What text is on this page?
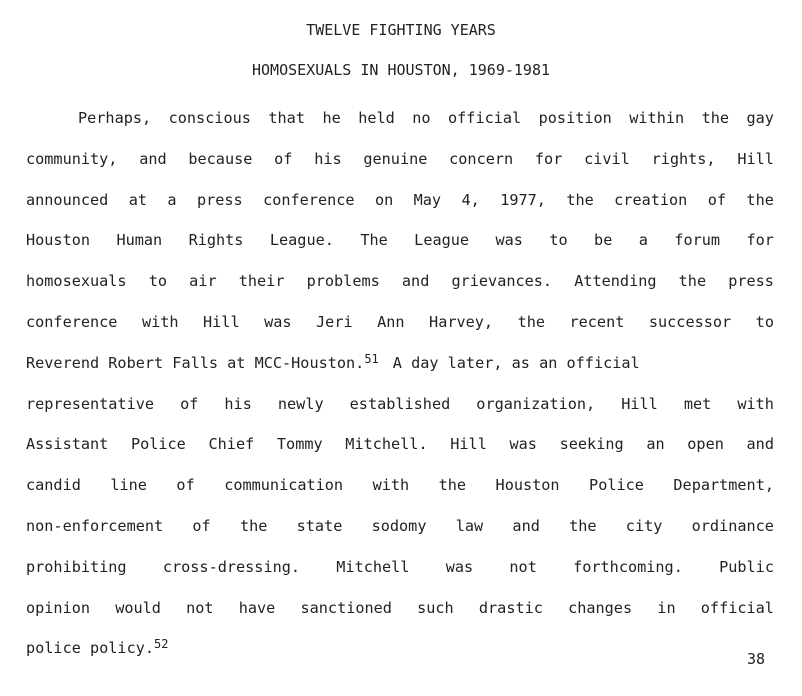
TWELVE FIGHTING YEARS
HOMOSEXUALS IN HOUSTON, 1969-1981
Perhaps, conscious that he held no official position within the gay
community, and because of his genuine concern for civil rights, Hill
announced at a press conference on May 4, 1977, the creation of the
Houston Human Rights League. The League was to be a forum for
homosexuals to air their problems and grievances. Attending the press
conference with Hill was Jeri Ann Harvey, the recent successor to
Reverend Robert Falls at MCC-Houston.$^{51}$ A day later, as an official
representative of his newly established organization, Hill met with
Assistant Police Chief Tommy Mitchell. Hill was seeking an open and
candid line of communication with the Houston Police Department,
non-enforcement of the state sodomy law and the city ordinance
prohibiting cross-dressing. Mitchell was not forthcoming. Public
opinion would not have sanctioned such drastic changes in official
police policy.$^{52}$
38
